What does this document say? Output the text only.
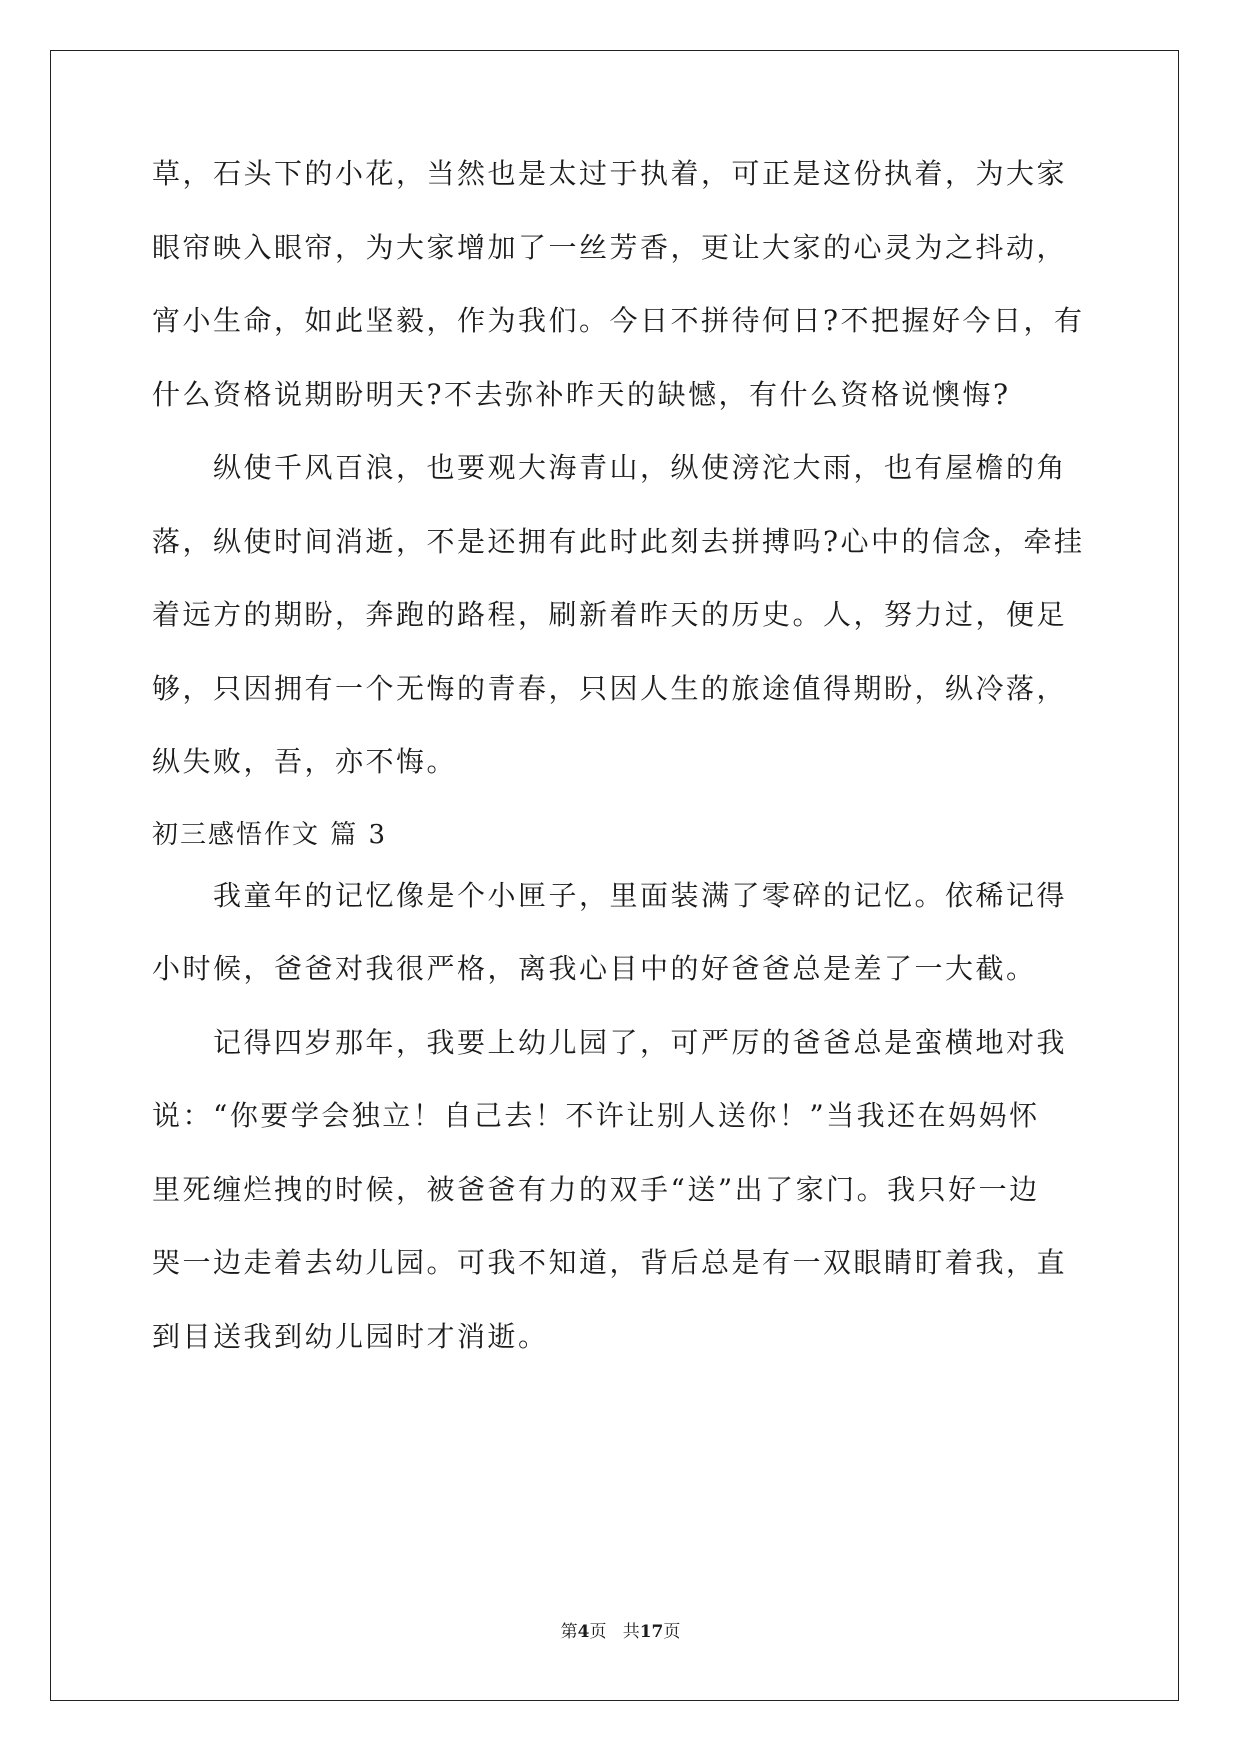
草，石头下的小花，当然也是太过于执着，可正是这份执着，为大家
眼帘映入眼帘，为大家增加了一丝芳香，更让大家的心灵为之抖动，
宵小生命，如此坚毅，作为我们。今日不拼待何日?不把握好今日，有
什么资格说期盼明天?不去弥补昨天的缺憾，有什么资格说懊悔?
　　纵使千风百浪，也要观大海青山，纵使滂沱大雨，也有屋檐的角
落，纵使时间消逝，不是还拥有此时此刻去拼搏吗?心中的信念，牵挂
着远方的期盼，奔跑的路程，刷新着昨天的历史。人，努力过，便足
够，只因拥有一个无悔的青春，只因人生的旅途值得期盼，纵冷落，
纵失败，吾，亦不悔。
初三感悟作文 篇 3
　　我童年的记忆像是个小匣子，里面装满了零碎的记忆。依稀记得
小时候，爸爸对我很严格，离我心目中的好爸爸总是差了一大截。
　　记得四岁那年，我要上幼儿园了，可严厉的爸爸总是蛮横地对我
说：“你要学会独立！自己去！不许让别人送你！”当我还在妈妈怀
里死缠烂拽的时候，被爸爸有力的双手“送”出了家门。我只好一边
哭一边走着去幼儿园。可我不知道，背后总是有一双眼睛盯着我，直
到目送我到幼儿园时才消逝。
第4页 共17页
